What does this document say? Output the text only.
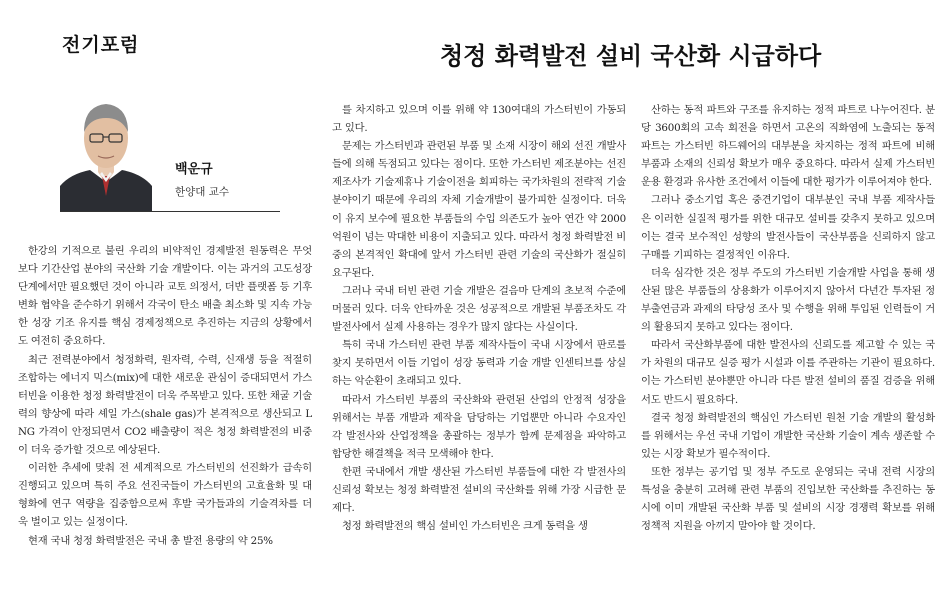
전기포럼	청정 화력발전 설비 국산화 시급하다
백운규
한양대 교수

한강의 기적으로 불린 우리의 비약적인 경제발전 원동력은 무엇보다 기간산업 분야의 국산화 기술 개발이다. 이는 과거의 고도성장 단계에서만 필요했던 것이 아니라 교토 의정서, 더반 플랫폼 등 기후 변화 협약을 준수하기 위해서 각국이 탄소 배출 최소화 및 지속 가능한 성장 기조 유지를 핵심 경제정책으로 추진하는 지금의 상황에서도 여전히 중요하다.

최근 전력분야에서 청정화력, 원자력, 수력, 신재생 등을 적절히 조합하는 에너지 믹스(mix)에 대한 새로운 관심이 증대되면서 가스터빈을 이용한 청정 화력발전이 더욱 주목받고 있다. 또한 채굴 기술력의 향상에 따라 셰일 가스(shale gas)가 본격적으로 생산되고 LNG 가격이 안정되면서 CO2 배출량이 적은 청정 화력발전의 비중이 더욱 증가할 것으로 예상된다.

이러한 추세에 맞춰 전 세계적으로 가스터빈의 선진화가 급속히 진행되고 있으며 특히 주요 선진국들이 가스터빈의 고효율화 및 대형화에 연구 역량을 집중함으로써 후발 국가들과의 기술격차를 더욱 벌이고 있는 실정이다.

현재 국내 청정 화력발전은 국내 총 발전 용량의 약 25%

를 차지하고 있으며 이를 위해 약 130여대의 가스터빈이 가동되고 있다.

문제는 가스터빈과 관련된 부품 및 소재 시장이 해외 선진 개발사들에 의해 독점되고 있다는 점이다. 또한 가스터빈 제조분야는 선진 제조사가 기술제휴나 기술이전을 회피하는 국가차원의 전략적 기술 분야이기 때문에 우리의 자체 기술개발이 불가피한 실정이다. 더욱이 유지 보수에 필요한 부품들의 수입 의존도가 높아 연간 약 2000억원이 넘는 막대한 비용이 지출되고 있다. 따라서 청정 화력발전 비중의 본격적인 확대에 앞서 가스터빈 관련 기술의 국산화가 절실히 요구된다.

그러나 국내 터빈 관련 기술 개발은 걸음마 단계의 초보적 수준에 머물러 있다. 더욱 안타까운 것은 성공적으로 개발된 부품조차도 각 발전사에서 실제 사용하는 경우가 많지 않다는 사실이다.

특히 국내 가스터빈 관련 부품 제작사들이 국내 시장에서 판로를 찾지 못하면서 이들 기업이 성장 동력과 기술 개발 인센티브를 상실하는 악순환이 초래되고 있다.

따라서 가스터빈 부품의 국산화와 관련된 산업의 안정적 성장을 위해서는 부품 개발과 제작을 담당하는 기업뿐만 아니라 수요자인 각 발전사와 산업정책을 총괄하는 정부가 함께 문제점을 파악하고 합당한 해결책을 적극 모색해야 한다.

한편 국내에서 개발 생산된 가스터빈 부품들에 대한 각 발전사의 신뢰성 확보는 청정 화력발전 설비의 국산화를 위해 가장 시급한 문제다.

청정 화력발전의 핵심 설비인 가스터빈은 크게 동력을 생

산하는 동적 파트와 구조를 유지하는 정적 파트로 나누어진다. 분당 3600회의 고속 회전을 하면서 고온의 직화염에 노출되는 동적 파트는 가스터빈 하드웨어의 대부분을 차지하는 정적 파트에 비해 부품과 소재의 신뢰성 확보가 매우 중요하다. 따라서 실제 가스터빈 운용 환경과 유사한 조건에서 이들에 대한 평가가 이루어져야 한다.

그러나 중소기업 혹은 중견기업이 대부분인 국내 부품 제작사들은 이러한 실질적 평가를 위한 대규모 설비를 갖추지 못하고 있으며 이는 결국 보수적인 성향의 발전사들이 국산부품을 신뢰하지 않고 구매를 기피하는 결정적인 이유다.

더욱 심각한 것은 정부 주도의 가스터빈 기술개발 사업을 통해 생산된 많은 부품들의 상용화가 이루어지지 않아서 다년간 투자된 정부출연금과 과제의 타당성 조사 및 수행을 위해 투입된 인력들이 거의 활용되지 못하고 있다는 점이다.

따라서 국산화부품에 대한 발전사의 신뢰도를 제고할 수 있는 국가 차원의 대규모 실증 평가 시설과 이를 주관하는 기관이 필요하다. 이는 가스터빈 분야뿐만 아니라 다른 발전 설비의 품질 검증을 위해서도 반드시 필요하다.

결국 청정 화력발전의 핵심인 가스터빈 원천 기술 개발의 활성화를 위해서는 우선 국내 기업이 개발한 국산화 기술이 계속 생존할 수 있는 시장 확보가 필수적이다.

또한 정부는 공기업 및 정부 주도로 운영되는 국내 전력 시장의 특성을 충분히 고려해 관련 부품의 진입보한 국산화를 추진하는 동시에 이미 개발된 국산화 부품 및 설비의 시장 경쟁력 확보를 위해 정책적 지원을 아끼지 말아야 할 것이다.
